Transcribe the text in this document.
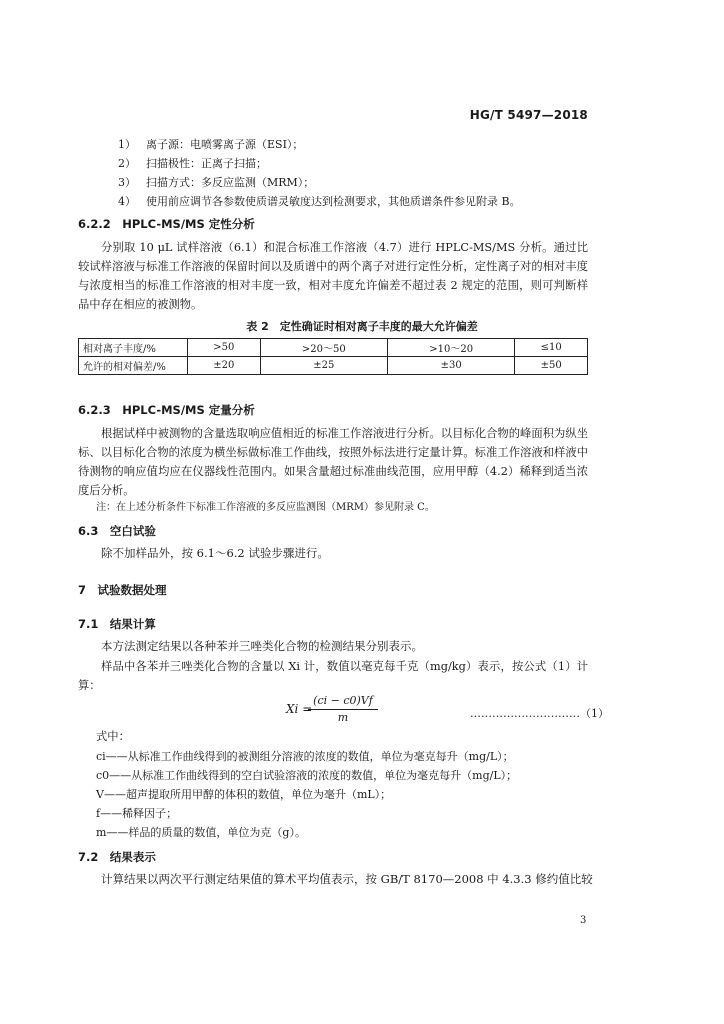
HG/T 5497—2018
1） 离子源：电喷雾离子源（ESI）；
2） 扫描极性：正离子扫描；
3） 扫描方式：多反应监测（MRM）；
4） 使用前应调节各参数使质谱灵敏度达到检测要求，其他质谱条件参见附录 B。
6.2.2　HPLC-MS/MS 定性分析
分别取 10 μL 试样溶液（6.1）和混合标准工作溶液（4.7）进行 HPLC-MS/MS 分析。通过比较试样溶液与标准工作溶液的保留时间以及质谱中的两个离子对进行定性分析，定性离子对的相对丰度与浓度相当的标准工作溶液的相对丰度一致，相对丰度允许偏差不超过表 2 规定的范围，则可判断样品中存在相应的被测物。
表 2　定性确证时相对离子丰度的最大允许偏差
相对离子丰度/%	>50	>20～50	>10～20	≤10
允许的相对偏差/%	±20	±25	±30	±50
6.2.3　HPLC-MS/MS 定量分析
根据试样中被测物的含量选取响应值相近的标准工作溶液进行分析。以目标化合物的峰面积为纵坐标、以目标化合物的浓度为横坐标做标准工作曲线，按照外标法进行定量计算。标准工作溶液和样液中待测物的响应值均应在仪器线性范围内。如果含量超过标准曲线范围，应用甲醇（4.2）稀释到适当浓度后分析。
注：在上述分析条件下标准工作溶液的多反应监测图（MRM）参见附录 C。
6.3　空白试验
除不加样品外，按 6.1～6.2 试验步骤进行。
7　试验数据处理
7.1　结果计算
本方法测定结果以各种苯并三唑类化合物的检测结果分别表示。
样品中各苯并三唑类化合物的含量以 Xi 计，数值以毫克每千克（mg/kg）表示，按公式（1）计算：
Xi =
$\frac{(ci - c0)Vf}{m}$	…………………………（1）
式中：
ci——从标准工作曲线得到的被测组分溶液的浓度的数值，单位为毫克每升（mg/L）；
c0——从标准工作曲线得到的空白试验溶液的浓度的数值，单位为毫克每升（mg/L）；
V——超声提取所用甲醇的体积的数值，单位为毫升（mL）；
f——稀释因子；
m——样品的质量的数值，单位为克（g）。
7.2　结果表示
计算结果以两次平行测定结果值的算术平均值表示，按 GB/T 8170—2008 中 4.3.3 修约值比较
3
